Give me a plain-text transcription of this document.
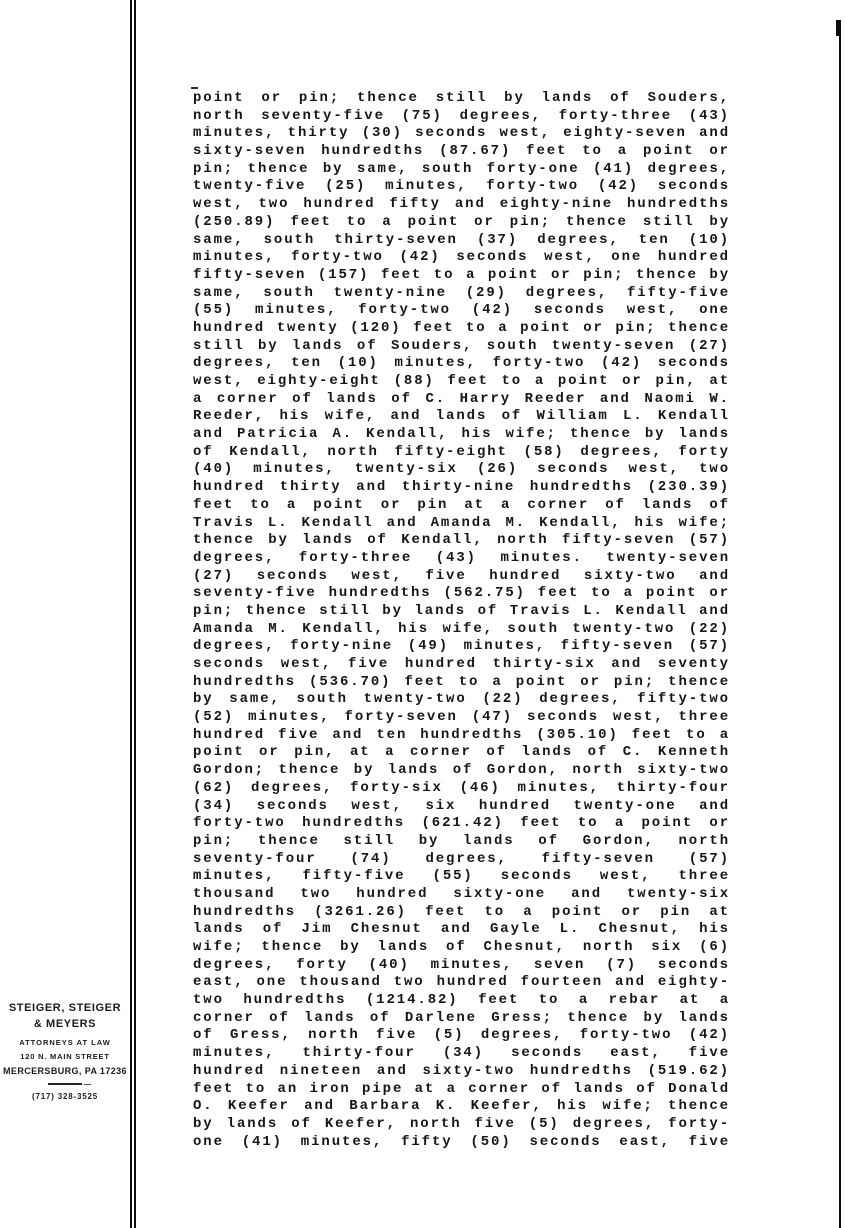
point or pin; thence still by lands of Souders,
north seventy-five (75) degrees, forty-three (43)
minutes, thirty (30) seconds west, eighty-seven and
sixty-seven hundredths (87.67) feet to a point or
pin; thence by same, south forty-one (41) degrees,
twenty-five (25) minutes, forty-two (42) seconds
west, two hundred fifty and eighty-nine hundredths
(250.89) feet to a point or pin; thence still by
same, south thirty-seven (37) degrees, ten (10)
minutes, forty-two (42) seconds west, one hundred
fifty-seven (157) feet to a point or pin; thence by
same, south twenty-nine (29) degrees, fifty-five
(55) minutes, forty-two (42) seconds west, one
hundred twenty (120) feet to a point or pin; thence
still by lands of Souders, south twenty-seven (27)
degrees, ten (10) minutes, forty-two (42) seconds
west, eighty-eight (88) feet to a point or pin, at
a corner of lands of C. Harry Reeder and Naomi W.
Reeder, his wife, and lands of William L. Kendall
and Patricia A. Kendall, his wife; thence by lands
of Kendall, north fifty-eight (58) degrees, forty
(40) minutes, twenty-six (26) seconds west, two
hundred thirty and thirty-nine hundredths (230.39)
feet to a point or pin at a corner of lands of
Travis L. Kendall and Amanda M. Kendall, his wife;
thence by lands of Kendall, north fifty-seven (57)
degrees, forty-three (43) minutes. twenty-seven
(27) seconds west, five hundred sixty-two and
seventy-five hundredths (562.75) feet to a point or
pin; thence still by lands of Travis L. Kendall and
Amanda M. Kendall, his wife, south twenty-two (22)
degrees, forty-nine (49) minutes, fifty-seven (57)
seconds west, five hundred thirty-six and seventy
hundredths (536.70) feet to a point or pin; thence
by same, south twenty-two (22) degrees, fifty-two
(52) minutes, forty-seven (47) seconds west, three
hundred five and ten hundredths (305.10) feet to a
point or pin, at a corner of lands of C. Kenneth
Gordon; thence by lands of Gordon, north sixty-two
(62) degrees, forty-six (46) minutes, thirty-four
(34) seconds west, six hundred twenty-one and
forty-two hundredths (621.42) feet to a point or
pin; thence still by lands of Gordon, north
seventy-four (74) degrees, fifty-seven (57)
minutes, fifty-five (55) seconds west, three
thousand two hundred sixty-one and twenty-six
hundredths (3261.26) feet to a point or pin at
lands of Jim Chesnut and Gayle L. Chesnut, his
wife; thence by lands of Chesnut, north six (6)
degrees, forty (40) minutes, seven (7) seconds
east, one thousand two hundred fourteen and eighty-
two hundredths (1214.82) feet to a rebar at a
corner of lands of Darlene Gress; thence by lands
of Gress, north five (5) degrees, forty-two (42)
minutes, thirty-four (34) seconds east, five
hundred nineteen and sixty-two hundredths (519.62)
feet to an iron pipe at a corner of lands of Donald
O. Keefer and Barbara K. Keefer, his wife; thence
by lands of Keefer, north five (5) degrees, forty-
one (41) minutes, fifty (50) seconds east, five
STEIGER, STEIGER
& MEYERS
ATTORNEYS AT LAW
120 N. MAIN STREET
MERCERSBURG, PA 17236
(717) 328-3525
